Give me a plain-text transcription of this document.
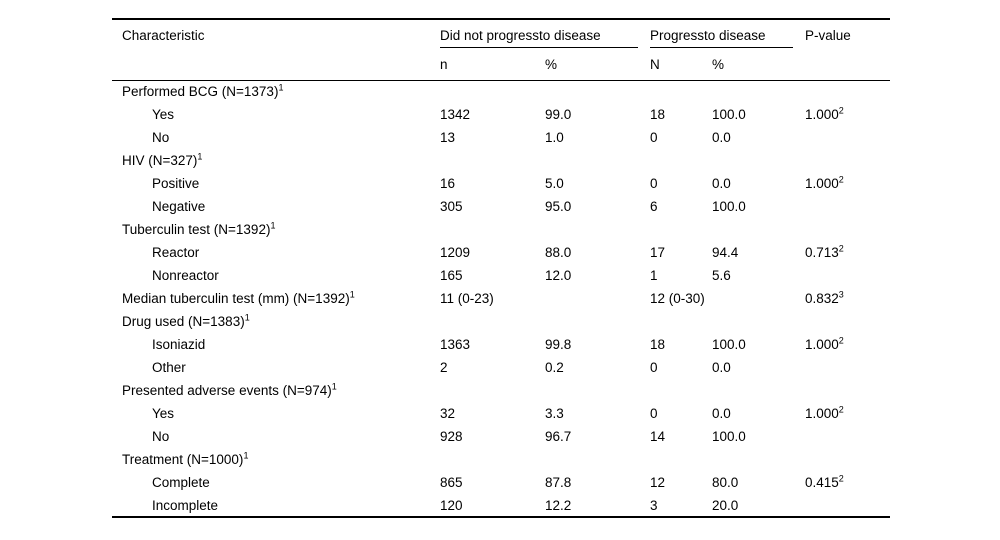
Characteristic	Did not progressto disease		Progressto disease		P-value
	n	%	N	%	
Performed BCG (N=1373)$^1$					
Yes	1342	99.0	18	100.0	1.000$^2$
No	13	1.0	0	0.0	
HIV (N=327)$^1$					
Positive	16	5.0	0	0.0	1.000$^2$
Negative	305	95.0	6	100.0	
Tuberculin test (N=1392)$^1$					
Reactor	1209	88.0	17	94.4	0.713$^2$
Nonreactor	165	12.0	1	5.6	
Median tuberculin test (mm) (N=1392)$^1$	11 (0-23)		12 (0-30)		0.832$^3$
Drug used (N=1383)$^1$					
Isoniazid	1363	99.8	18	100.0	1.000$^2$
Other	2	0.2	0	0.0	
Presented adverse events (N=974)$^1$					
Yes	32	3.3	0	0.0	1.000$^2$
No	928	96.7	14	100.0	
Treatment (N=1000)$^1$					
Complete	865	87.8	12	80.0	0.415$^2$
Incomplete	120	12.2	3	20.0	
